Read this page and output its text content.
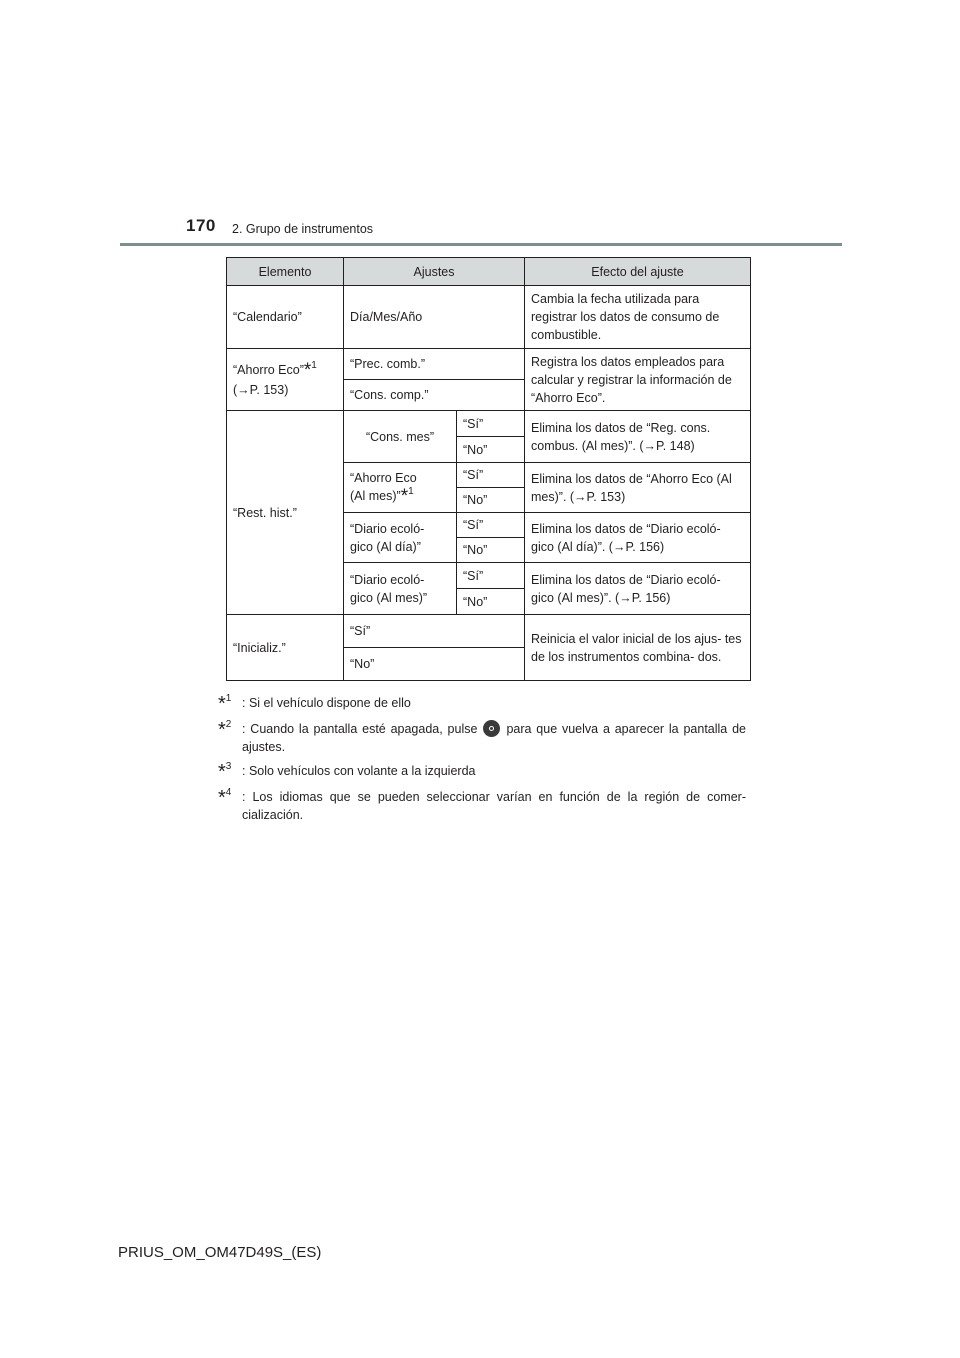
170 2. Grupo de instrumentos
Elemento	Ajustes		Efecto del ajuste
“Calendario”	Día/Mes/Año		Cambia la fecha utilizada para registrar los datos de consumo de combustible.
“Ahorro Eco”*$^1$
(→P. 153)	“Prec. comb.”		Registra los datos empleados para calcular y registrar la información de “Ahorro Eco”.
	“Cons. comp.”		
“Rest. hist.”	“Cons. mes”	“Sí”	Elimina los datos de “Reg. cons. combus. (Al mes)”. (→P. 148)
		“No”	
	“Ahorro Eco
(Al mes)”*$^1$	“Sí”	Elimina los datos de “Ahorro Eco (Al mes)”. (→P. 153)
		“No”	
	“Diario ecoló- gico (Al día)”	“Sí”	Elimina los datos de “Diario ecoló- gico (Al día)”. (→P. 156)
		“No”	
	“Diario ecoló- gico (Al mes)”	“Sí”	Elimina los datos de “Diario ecoló- gico (Al mes)”. (→P. 156)
		“No”	
“Inicializ.”	“Sí”		Reinicia el valor inicial de los ajus- tes de los instrumentos combina- dos.
	“No”		
*$^1$ : Si el vehículo dispone de ello
*$^2$ : Cuando la pantalla esté apagada, pulse para que vuelva a aparecer la pantalla de ajustes.
*$^3$ : Solo vehículos con volante a la izquierda
*$^4$ : Los idiomas que se pueden seleccionar varían en función de la región de comer- cialización.
PRIUS_OM_OM47D49S_(ES)
